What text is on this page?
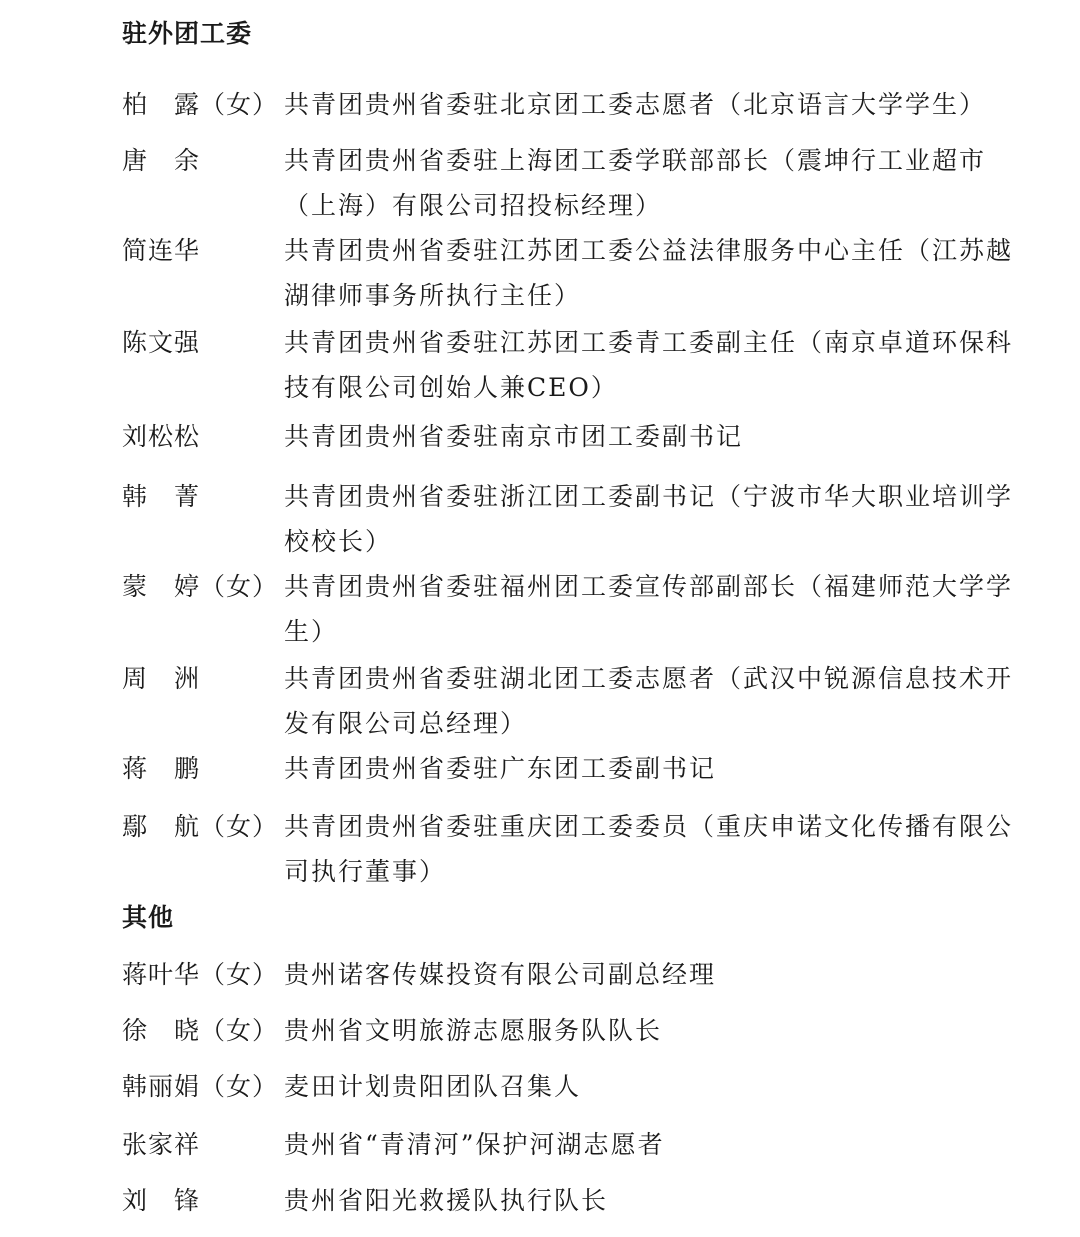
驻外团工委
柏　露（女） 共青团贵州省委驻北京团工委志愿者（北京语言大学学生）
唐　余	共青团贵州省委驻上海团工委学联部部长（震坤行工业超市（上海）有限公司招投标经理）
简连华	共青团贵州省委驻江苏团工委公益法律服务中心主任（江苏越湖律师事务所执行主任）
陈文强	共青团贵州省委驻江苏团工委青工委副主任（南京卓道环保科技有限公司创始人兼CEO）
刘松松	共青团贵州省委驻南京市团工委副书记
韩　菁	共青团贵州省委驻浙江团工委副书记（宁波市华大职业培训学校校长）
蒙　婷（女） 共青团贵州省委驻福州团工委宣传部副部长（福建师范大学学生）
周　洲	共青团贵州省委驻湖北团工委志愿者（武汉中锐源信息技术开发有限公司总经理）
蒋　鹏	共青团贵州省委驻广东团工委副书记
鄢　航（女） 共青团贵州省委驻重庆团工委委员（重庆申诺文化传播有限公司执行董事）
其他
蒋叶华（女） 贵州诺客传媒投资有限公司副总经理
徐　晓（女） 贵州省文明旅游志愿服务队队长
韩丽娟（女） 麦田计划贵阳团队召集人
张家祥	贵州省“青清河”保护河湖志愿者
刘　锋	贵州省阳光救援队执行队长
